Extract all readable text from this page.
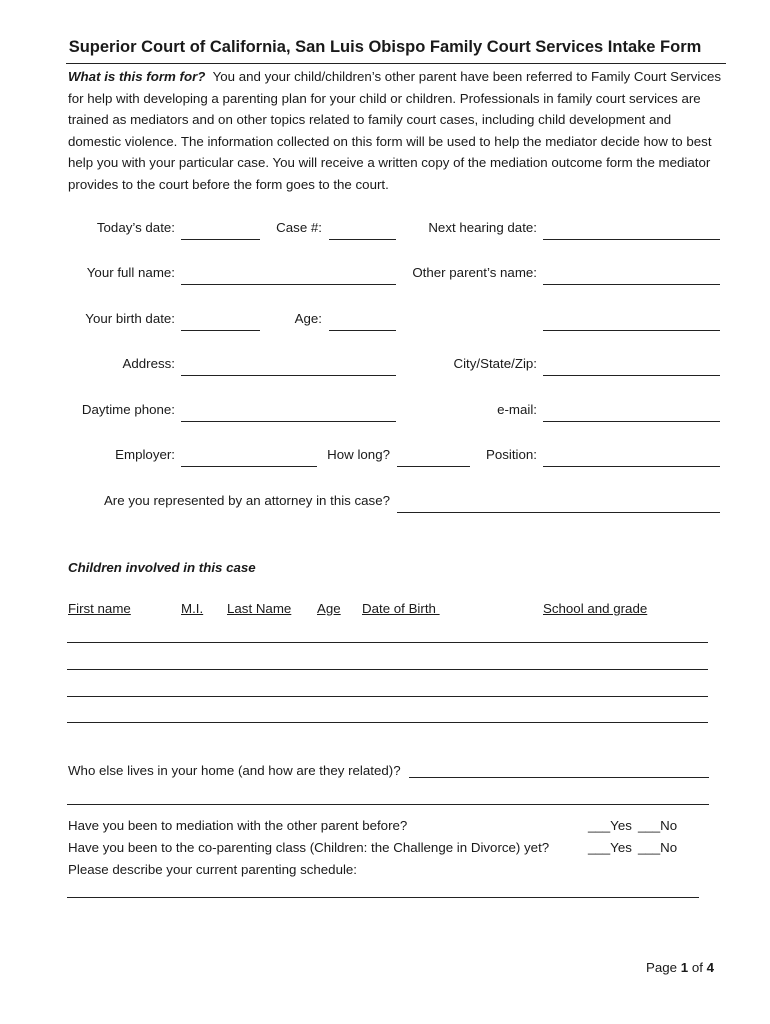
Superior Court of California, San Luis Obispo Family Court Services Intake Form
What is this form for? You and your child/children’s other parent have been referred to Family Court Services for help with developing a parenting plan for your child or children. Professionals in family court services are trained as mediators and on other topics related to family court cases, including child development and domestic violence. The information collected on this form will be used to help the mediator decide how to best help you with your particular case. You will receive a written copy of the mediation outcome form the mediator provides to the court before the form goes to the court.
Today’s date:	Case #:	Next hearing date:
Your full name:	Other parent’s name:
Your birth date:	Age:
Address:	City/State/Zip:
Daytime phone:	e-mail:
Employer:	How long?	Position:
Are you represented by an attorney in this case?
Children involved in this case
First name	M.I. Last Name Age Date of Birth	School and grade
Who else lives in your home (and how are they related)?
Have you been to mediation with the other parent before?	___Yes ___No
Have you been to the co-parenting class (Children: the Challenge in Divorce) yet?	___Yes ___No
Please describe your current parenting schedule:
Page 1 of 4
